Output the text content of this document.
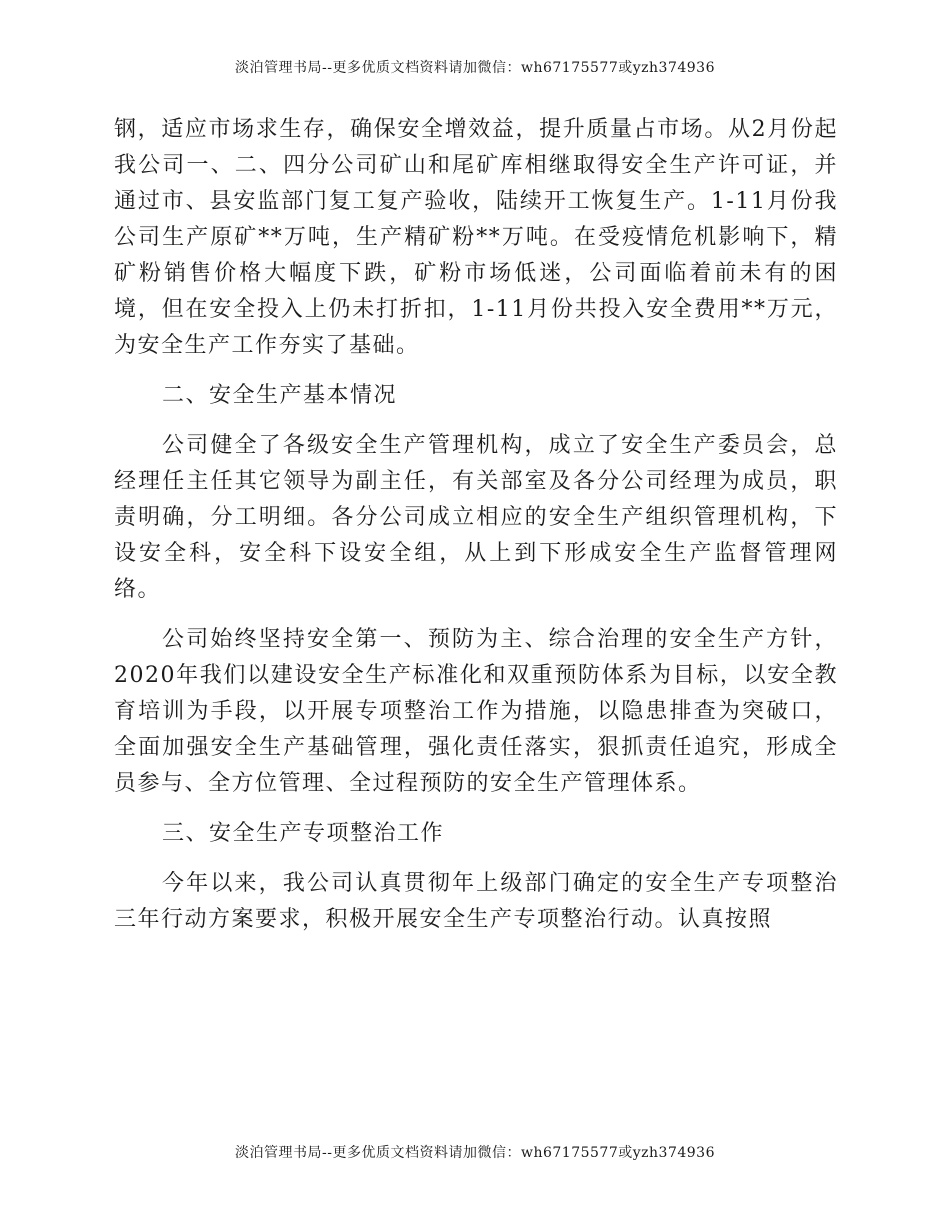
淡泊管理书局--更多优质文档资料请加微信：wh67175577或yzh374936

钢，适应市场求生存，确保安全增效益，提升质量占市场。从2月份起我公司一、二、四分公司矿山和尾矿库相继取得安全生产许可证，并通过市、县安监部门复工复产验收，陆续开工恢复生产。1-11月份我公司生产原矿**万吨，生产精矿粉**万吨。在受疫情危机影响下，精矿粉销售价格大幅度下跌，矿粉市场低迷，公司面临着前未有的困境，但在安全投入上仍未打折扣，1-11月份共投入安全费用**万元，为安全生产工作夯实了基础。

二、安全生产基本情况

公司健全了各级安全生产管理机构，成立了安全生产委员会，总经理任主任其它领导为副主任，有关部室及各分公司经理为成员，职责明确，分工明细。各分公司成立相应的安全生产组织管理机构，下设安全科，安全科下设安全组，从上到下形成安全生产监督管理网络。

公司始终坚持安全第一、预防为主、综合治理的安全生产方针，2020年我们以建设安全生产标准化和双重预防体系为目标，以安全教育培训为手段，以开展专项整治工作为措施，以隐患排查为突破口，全面加强安全生产基础管理，强化责任落实，狠抓责任追究，形成全员参与、全方位管理、全过程预防的安全生产管理体系。

三、安全生产专项整治工作

今年以来，我公司认真贯彻年上级部门确定的安全生产专项整治三年行动方案要求，积极开展安全生产专项整治行动。认真按照

淡泊管理书局--更多优质文档资料请加微信：wh67175577或yzh374936
